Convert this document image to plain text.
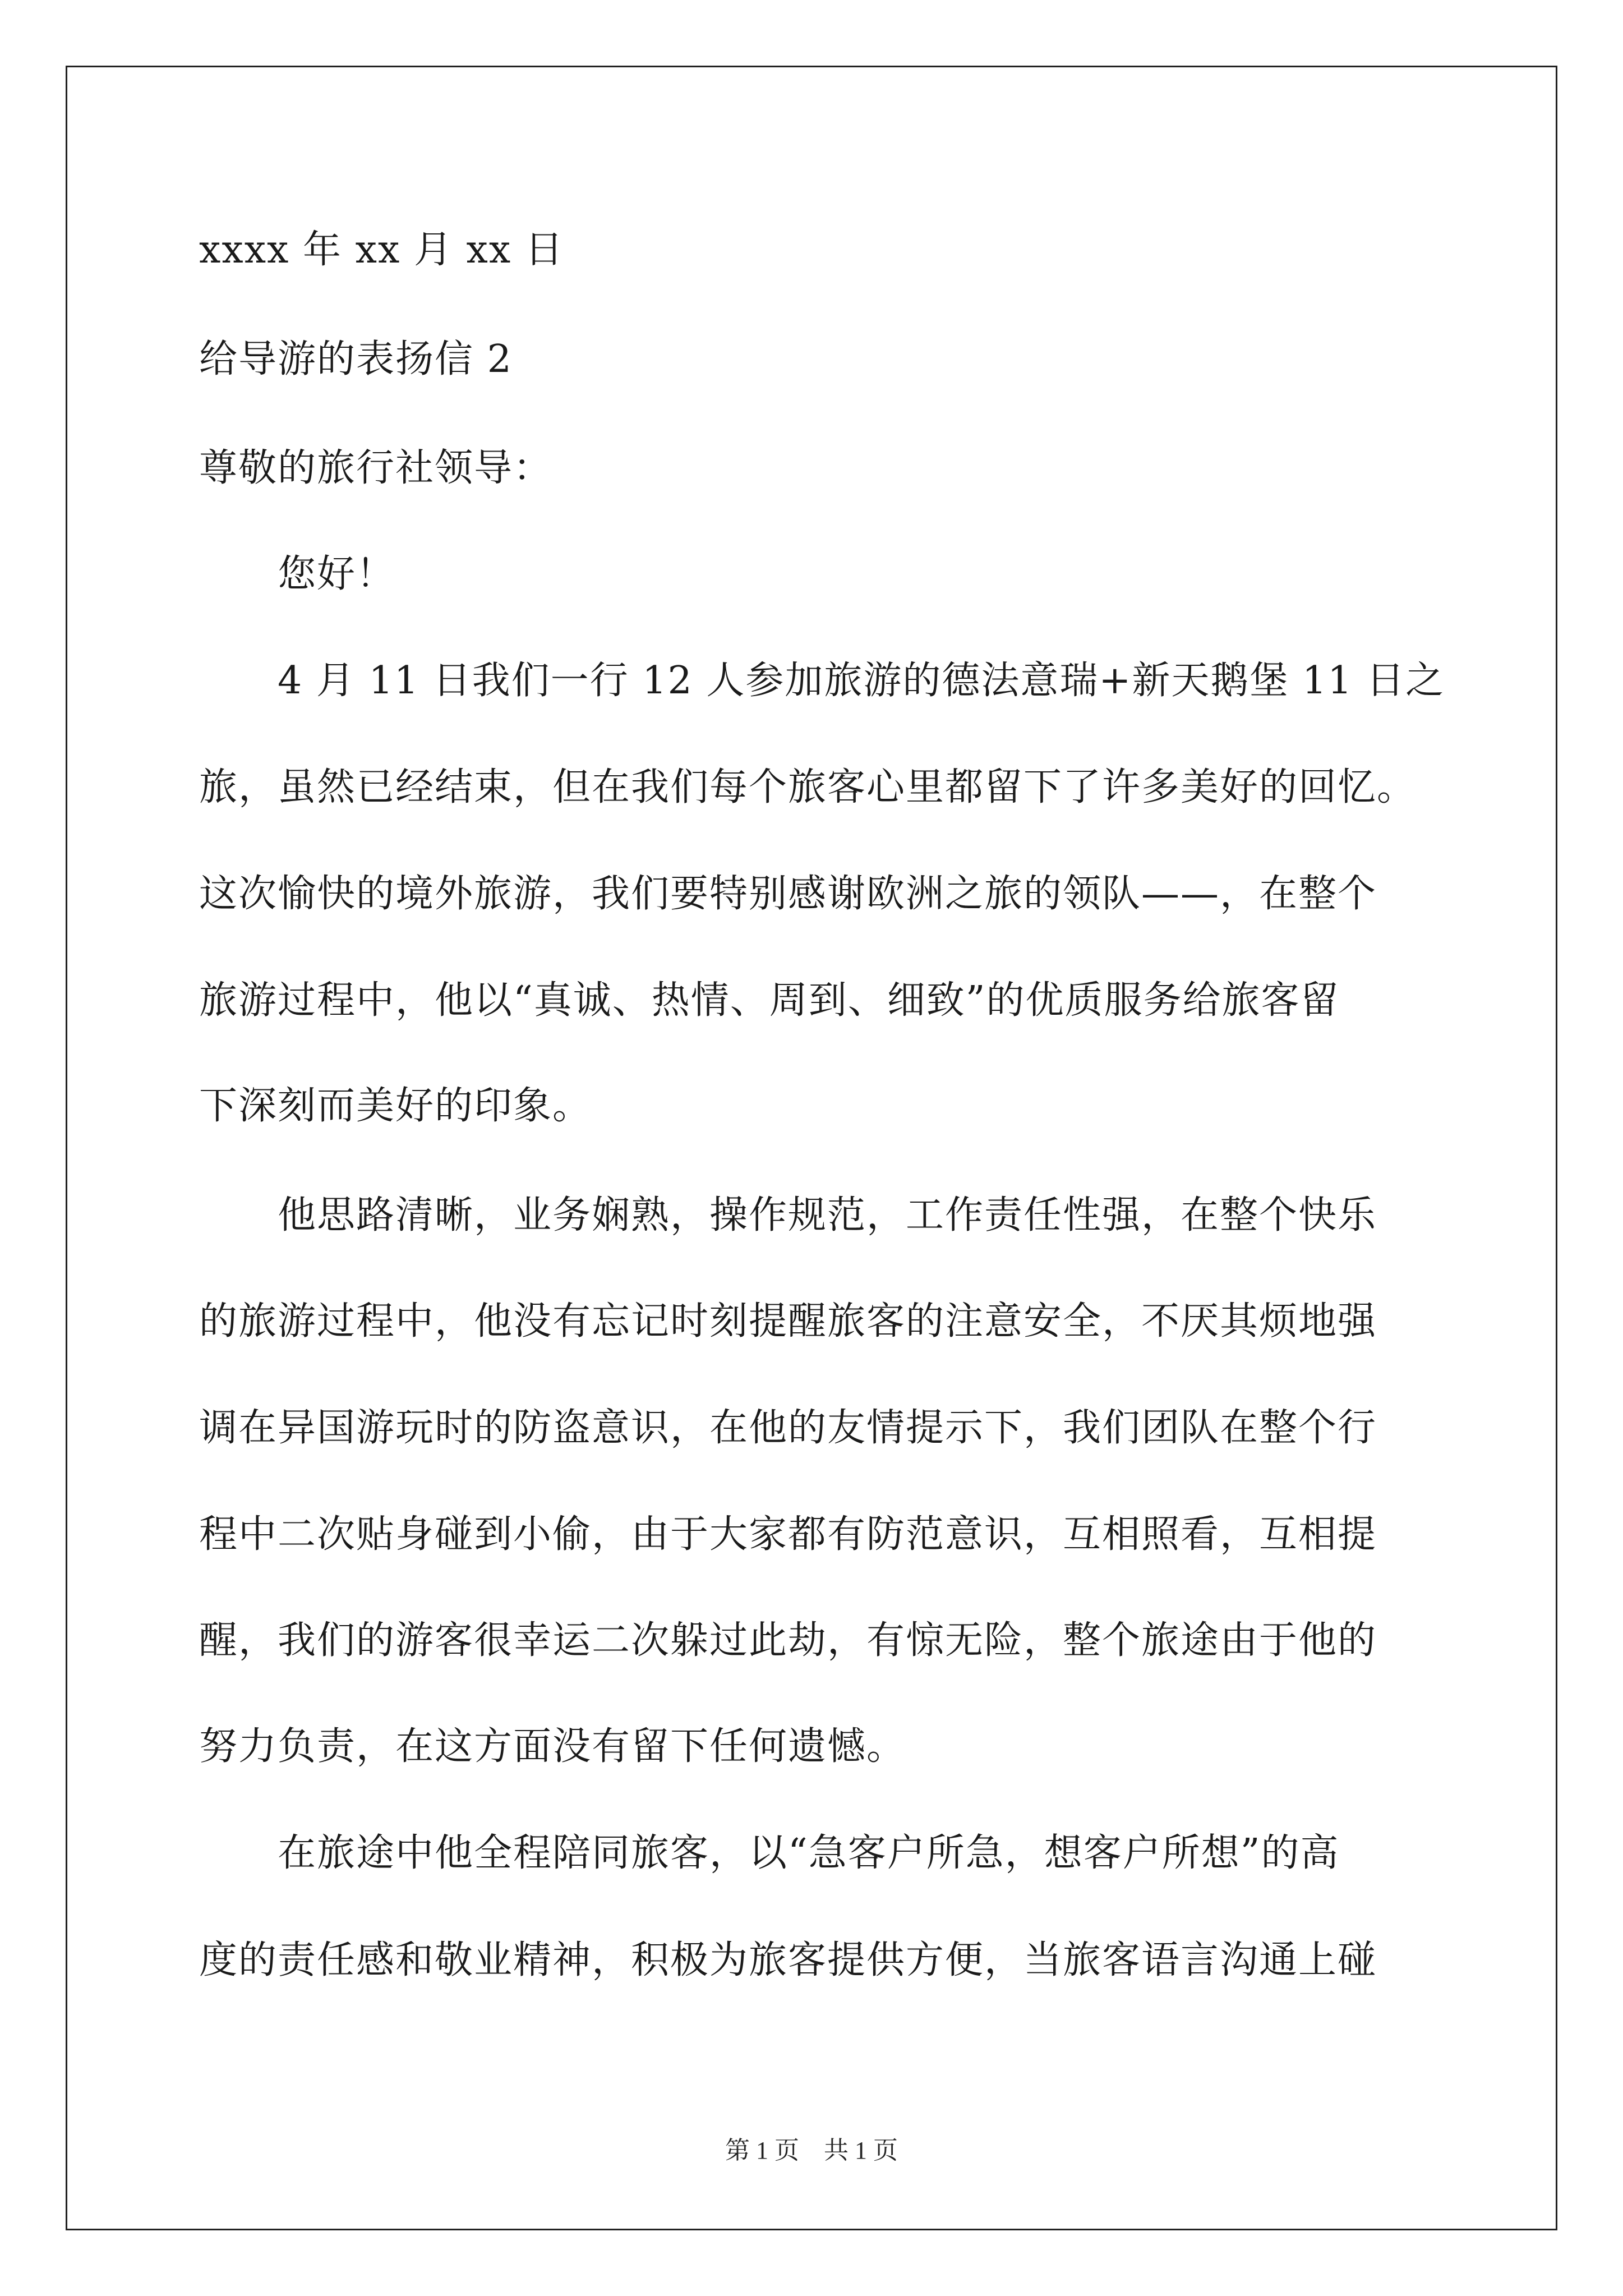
xxxx 年 xx 月 xx 日

给导游的表扬信 2

尊敬的旅行社领导：

您好！

4 月 11 日我们一行 12 人参加旅游的德法意瑞+新天鹅堡 11 日之

旅，虽然已经结束，但在我们每个旅客心里都留下了许多美好的回忆。

这次愉快的境外旅游，我们要特别感谢欧洲之旅的领队——，在整个

旅游过程中，他以“真诚、热情、周到、细致”的优质服务给旅客留

下深刻而美好的印象。

他思路清晰，业务娴熟，操作规范，工作责任性强，在整个快乐

的旅游过程中，他没有忘记时刻提醒旅客的注意安全，不厌其烦地强

调在异国游玩时的防盗意识，在他的友情提示下，我们团队在整个行

程中二次贴身碰到小偷，由于大家都有防范意识，互相照看，互相提

醒，我们的游客很幸运二次躲过此劫，有惊无险，整个旅途由于他的

努力负责，在这方面没有留下任何遗憾。

在旅途中他全程陪同旅客，以“急客户所急，想客户所想”的高

度的责任感和敬业精神，积极为旅客提供方便，当旅客语言沟通上碰

第 1 页    共 1 页
